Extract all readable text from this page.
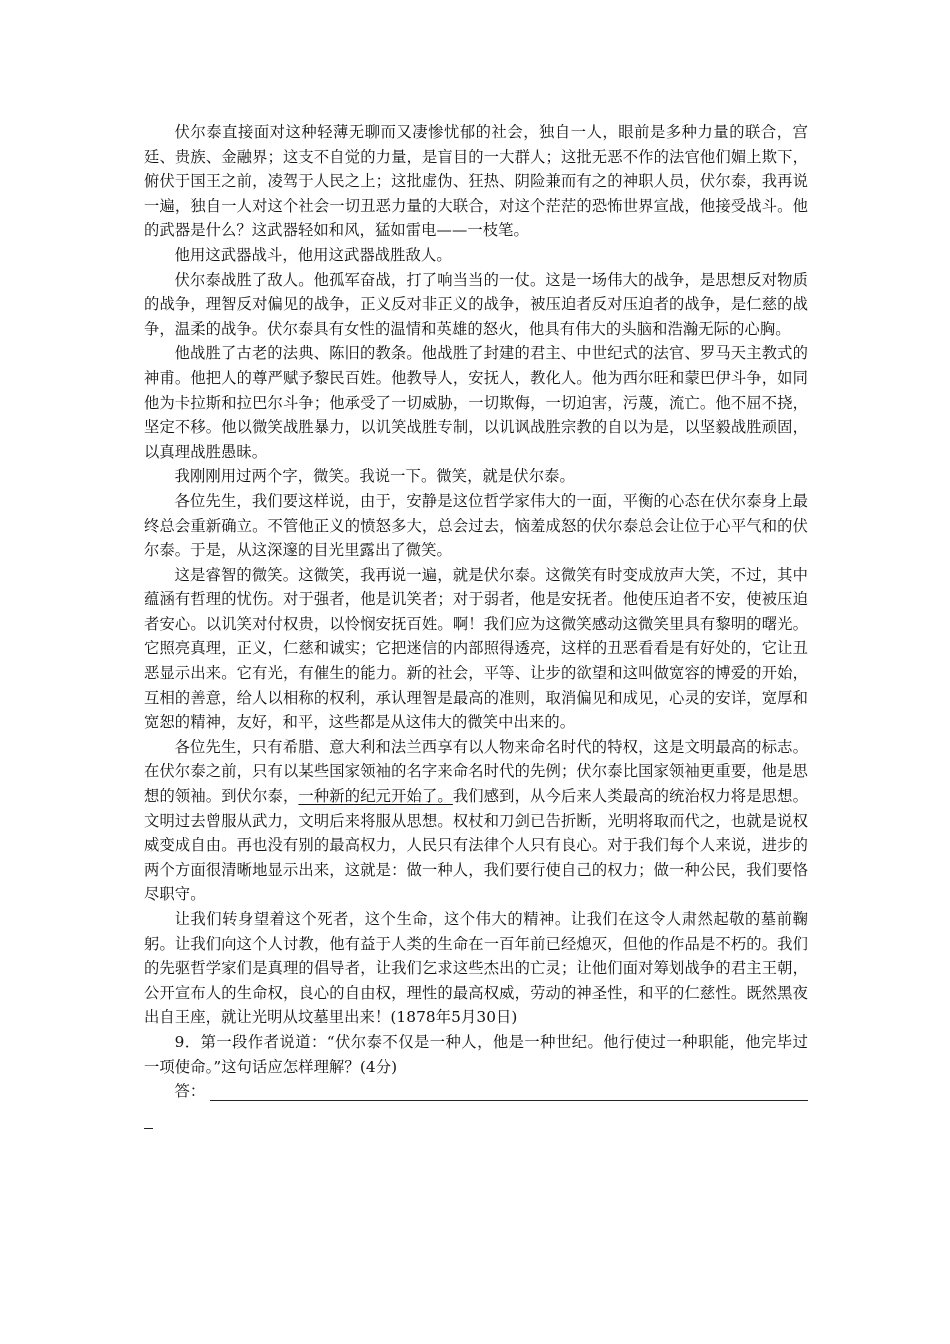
伏尔泰直接面对这种轻薄无聊而又凄惨忧郁的社会，独自一人，眼前是多种力量的联合，宫廷、贵族、金融界；这支不自觉的力量，是盲目的一大群人；这批无恶不作的法官他们媚上欺下，俯伏于国王之前，凌驾于人民之上；这批虚伪、狂热、阴险兼而有之的神职人员，伏尔泰，我再说一遍，独自一人对这个社会一切丑恶力量的大联合，对这个茫茫的恐怖世界宣战，他接受战斗。他的武器是什么？这武器轻如和风，猛如雷电——一枝笔。

他用这武器战斗，他用这武器战胜敌人。

伏尔泰战胜了敌人。他孤军奋战，打了响当当的一仗。这是一场伟大的战争，是思想反对物质的战争，理智反对偏见的战争，正义反对非正义的战争，被压迫者反对压迫者的战争，是仁慈的战争，温柔的战争。伏尔泰具有女性的温情和英雄的怒火，他具有伟大的头脑和浩瀚无际的心胸。

他战胜了古老的法典、陈旧的教条。他战胜了封建的君主、中世纪式的法官、罗马天主教式的神甫。他把人的尊严赋予黎民百姓。他教导人，安抚人，教化人。他为西尔旺和蒙巴伊斗争，如同他为卡拉斯和拉巴尔斗争；他承受了一切威胁，一切欺侮，一切迫害，污蔑，流亡。他不屈不挠，坚定不移。他以微笑战胜暴力，以讥笑战胜专制，以讥讽战胜宗教的自以为是，以坚毅战胜顽固，以真理战胜愚昧。

我刚刚用过两个字，微笑。我说一下。微笑，就是伏尔泰。

各位先生，我们要这样说，由于，安静是这位哲学家伟大的一面，平衡的心态在伏尔泰身上最终总会重新确立。不管他正义的愤怒多大，总会过去，恼羞成怒的伏尔泰总会让位于心平气和的伏尔泰。于是，从这深邃的目光里露出了微笑。

这是睿智的微笑。这微笑，我再说一遍，就是伏尔泰。这微笑有时变成放声大笑，不过，其中蕴涵有哲理的忧伤。对于强者，他是讥笑者；对于弱者，他是安抚者。他使压迫者不安，使被压迫者安心。以讥笑对付权贵，以怜悯安抚百姓。啊！我们应为这微笑感动这微笑里具有黎明的曙光。它照亮真理，正义，仁慈和诚实；它把迷信的内部照得透亮，这样的丑恶看看是有好处的，它让丑恶显示出来。它有光，有催生的能力。新的社会，平等、让步的欲望和这叫做宽容的博爱的开始，互相的善意，给人以相称的权利，承认理智是最高的准则，取消偏见和成见，心灵的安详，宽厚和宽恕的精神，友好，和平，这些都是从这伟大的微笑中出来的。

各位先生，只有希腊、意大利和法兰西享有以人物来命名时代的特权，这是文明最高的标志。在伏尔泰之前，只有以某些国家领袖的名字来命名时代的先例；伏尔泰比国家领袖更重要，他是思想的领袖。到伏尔泰，一种新的纪元开始了。我们感到，从今后来人类最高的统治权力将是思想。文明过去曾服从武力，文明后来将服从思想。权杖和刀剑已告折断，光明将取而代之，也就是说权威变成自由。再也没有别的最高权力，人民只有法律个人只有良心。对于我们每个人来说，进步的两个方面很清晰地显示出来，这就是：做一种人，我们要行使自己的权力；做一种公民，我们要恪尽职守。

让我们转身望着这个死者，这个生命，这个伟大的精神。让我们在这令人肃然起敬的墓前鞠躬。让我们向这个人讨教，他有益于人类的生命在一百年前已经熄灭，但他的作品是不朽的。我们的先驱哲学家们是真理的倡导者，让我们乞求这些杰出的亡灵；让他们面对筹划战争的君主王朝，公开宣布人的生命权，良心的自由权，理性的最高权威，劳动的神圣性，和平的仁慈性。既然黑夜出自王座，就让光明从坟墓里出来！(1878年5月30日)

9．第一段作者说道：“伏尔泰不仅是一种人，他是一种世纪。他行使过一种职能，他完毕过一项使命。”这句话应怎样理解？(4分)

答：
